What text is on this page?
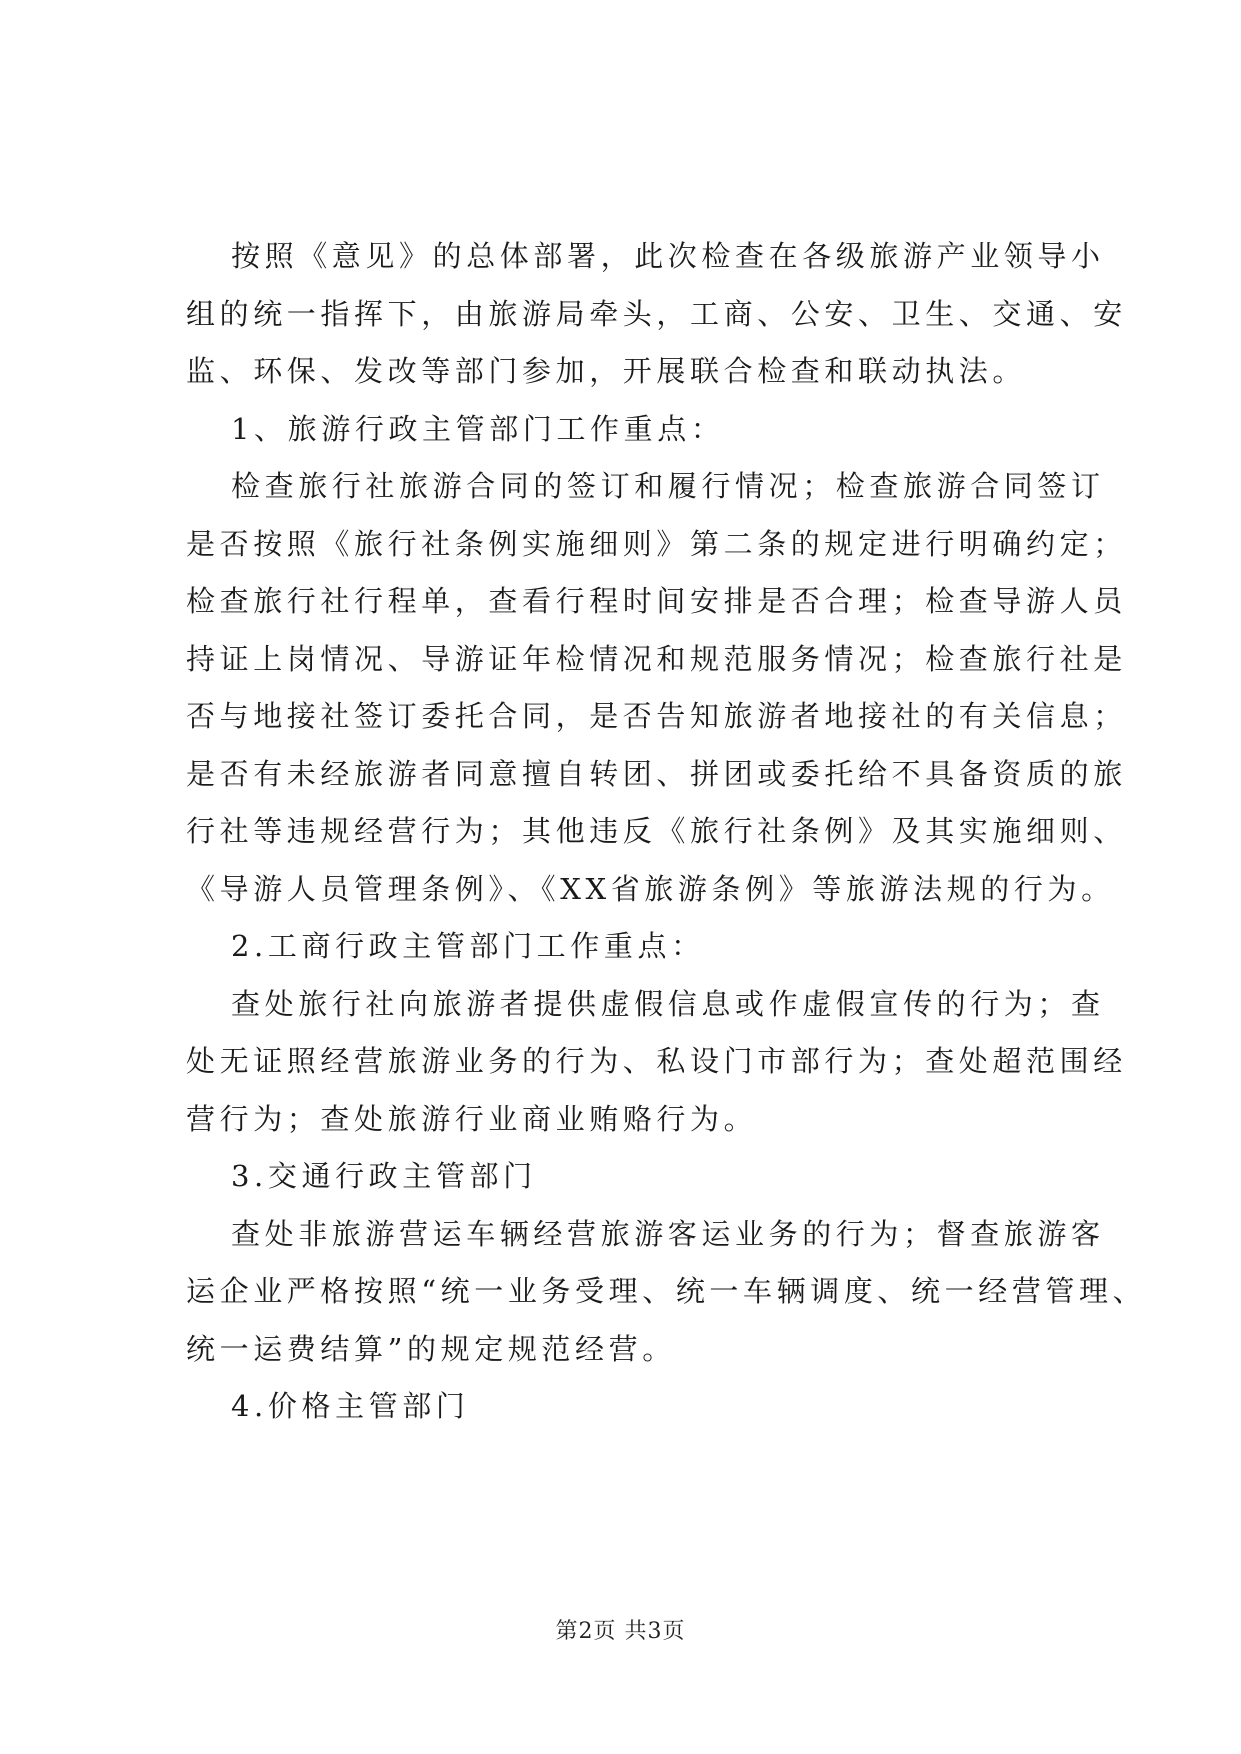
按照《意见》的总体部署，此次检查在各级旅游产业领导小
组的统一指挥下，由旅游局牵头，工商、公安、卫生、交通、安
监、环保、发改等部门参加，开展联合检查和联动执法。
1、旅游行政主管部门工作重点：
检查旅行社旅游合同的签订和履行情况；检查旅游合同签订
是否按照《旅行社条例实施细则》第二条的规定进行明确约定；
检查旅行社行程单，查看行程时间安排是否合理；检查导游人员
持证上岗情况、导游证年检情况和规范服务情况；检查旅行社是
否与地接社签订委托合同，是否告知旅游者地接社的有关信息；
是否有未经旅游者同意擅自转团、拼团或委托给不具备资质的旅
行社等违规经营行为；其他违反《旅行社条例》及其实施细则、
《导游人员管理条例》、《XX省旅游条例》等旅游法规的行为。
2.工商行政主管部门工作重点：
查处旅行社向旅游者提供虚假信息或作虚假宣传的行为；查
处无证照经营旅游业务的行为、私设门市部行为；查处超范围经
营行为；查处旅游行业商业贿赂行为。
3.交通行政主管部门
查处非旅游营运车辆经营旅游客运业务的行为；督查旅游客
运企业严格按照“统一业务受理、统一车辆调度、统一经营管理、
统一运费结算”的规定规范经营。
4.价格主管部门
第2页 共3页
